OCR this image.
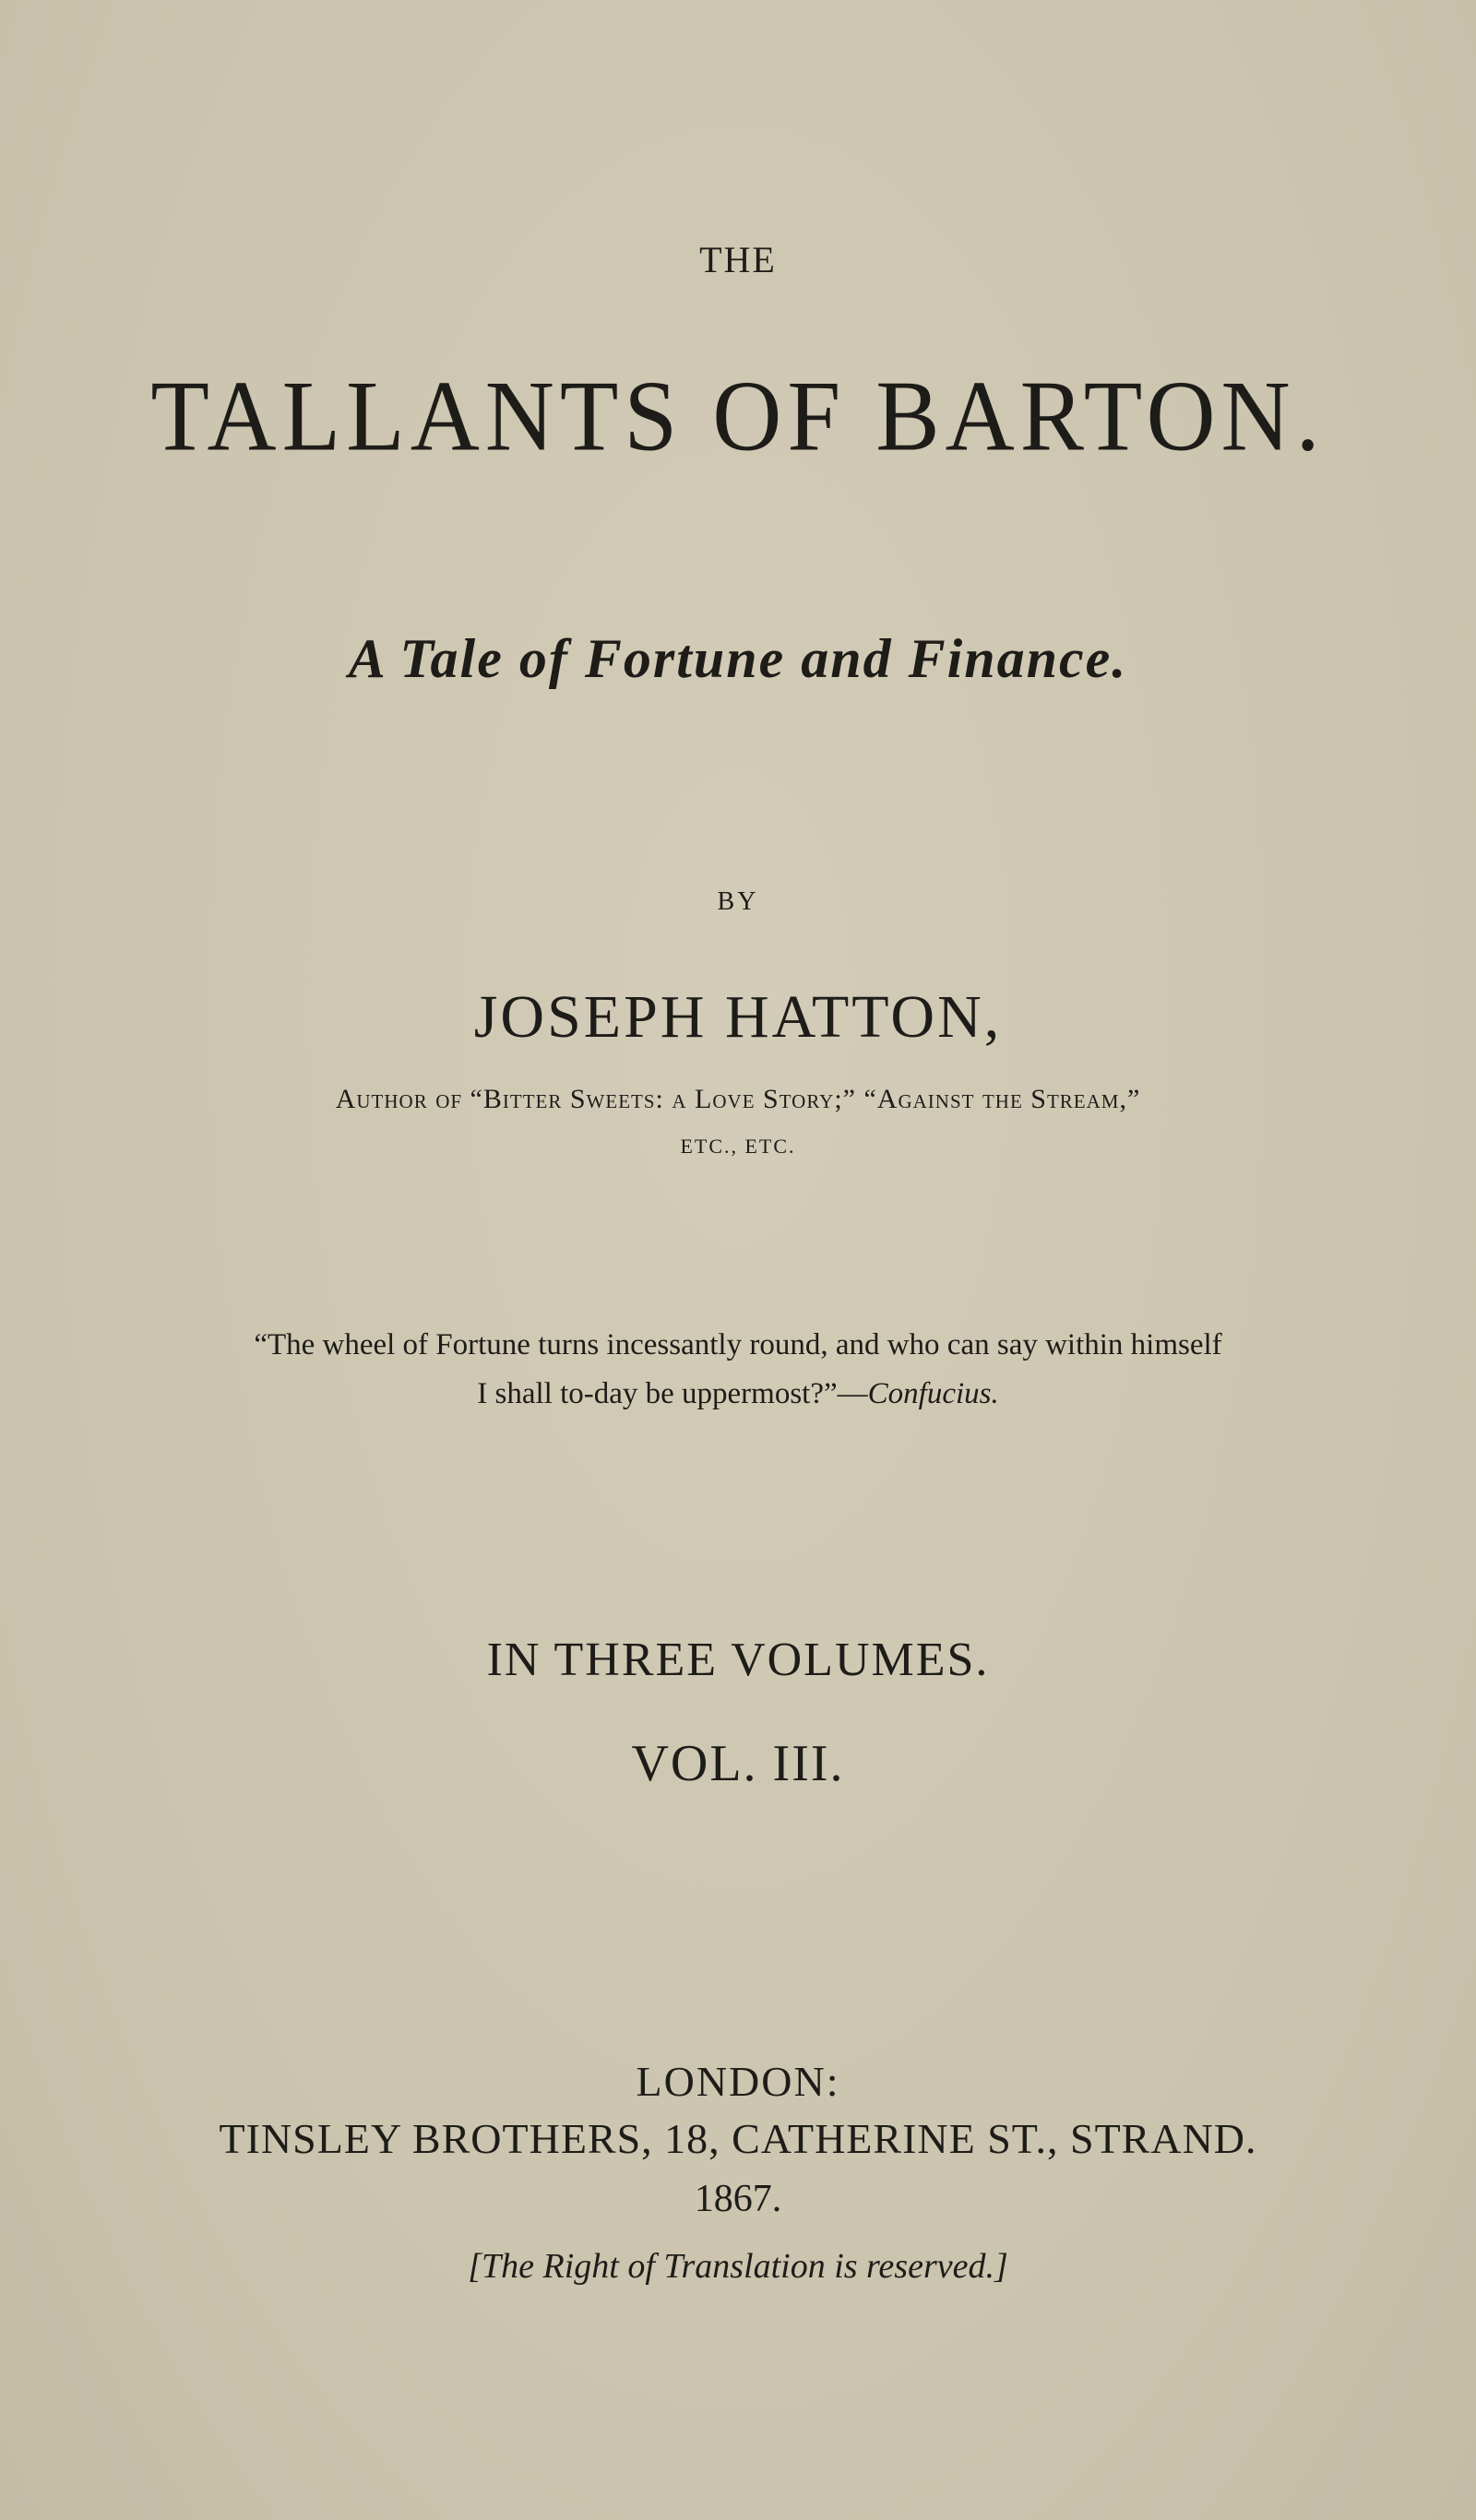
THE
TALLANTS OF BARTON.
A Tale of Fortune and Finance.
BY
JOSEPH HATTON,
Author of “Bitter Sweets: a Love Story;” “Against the Stream,”
ETC., ETC.
“The wheel of Fortune turns incessantly round, and who can say within himself
I shall to-day be uppermost?”—Confucius.
IN THREE VOLUMES.
VOL. III.
LONDON:
TINSLEY BROTHERS, 18, CATHERINE ST., STRAND.
1867.
[The Right of Translation is reserved.]
